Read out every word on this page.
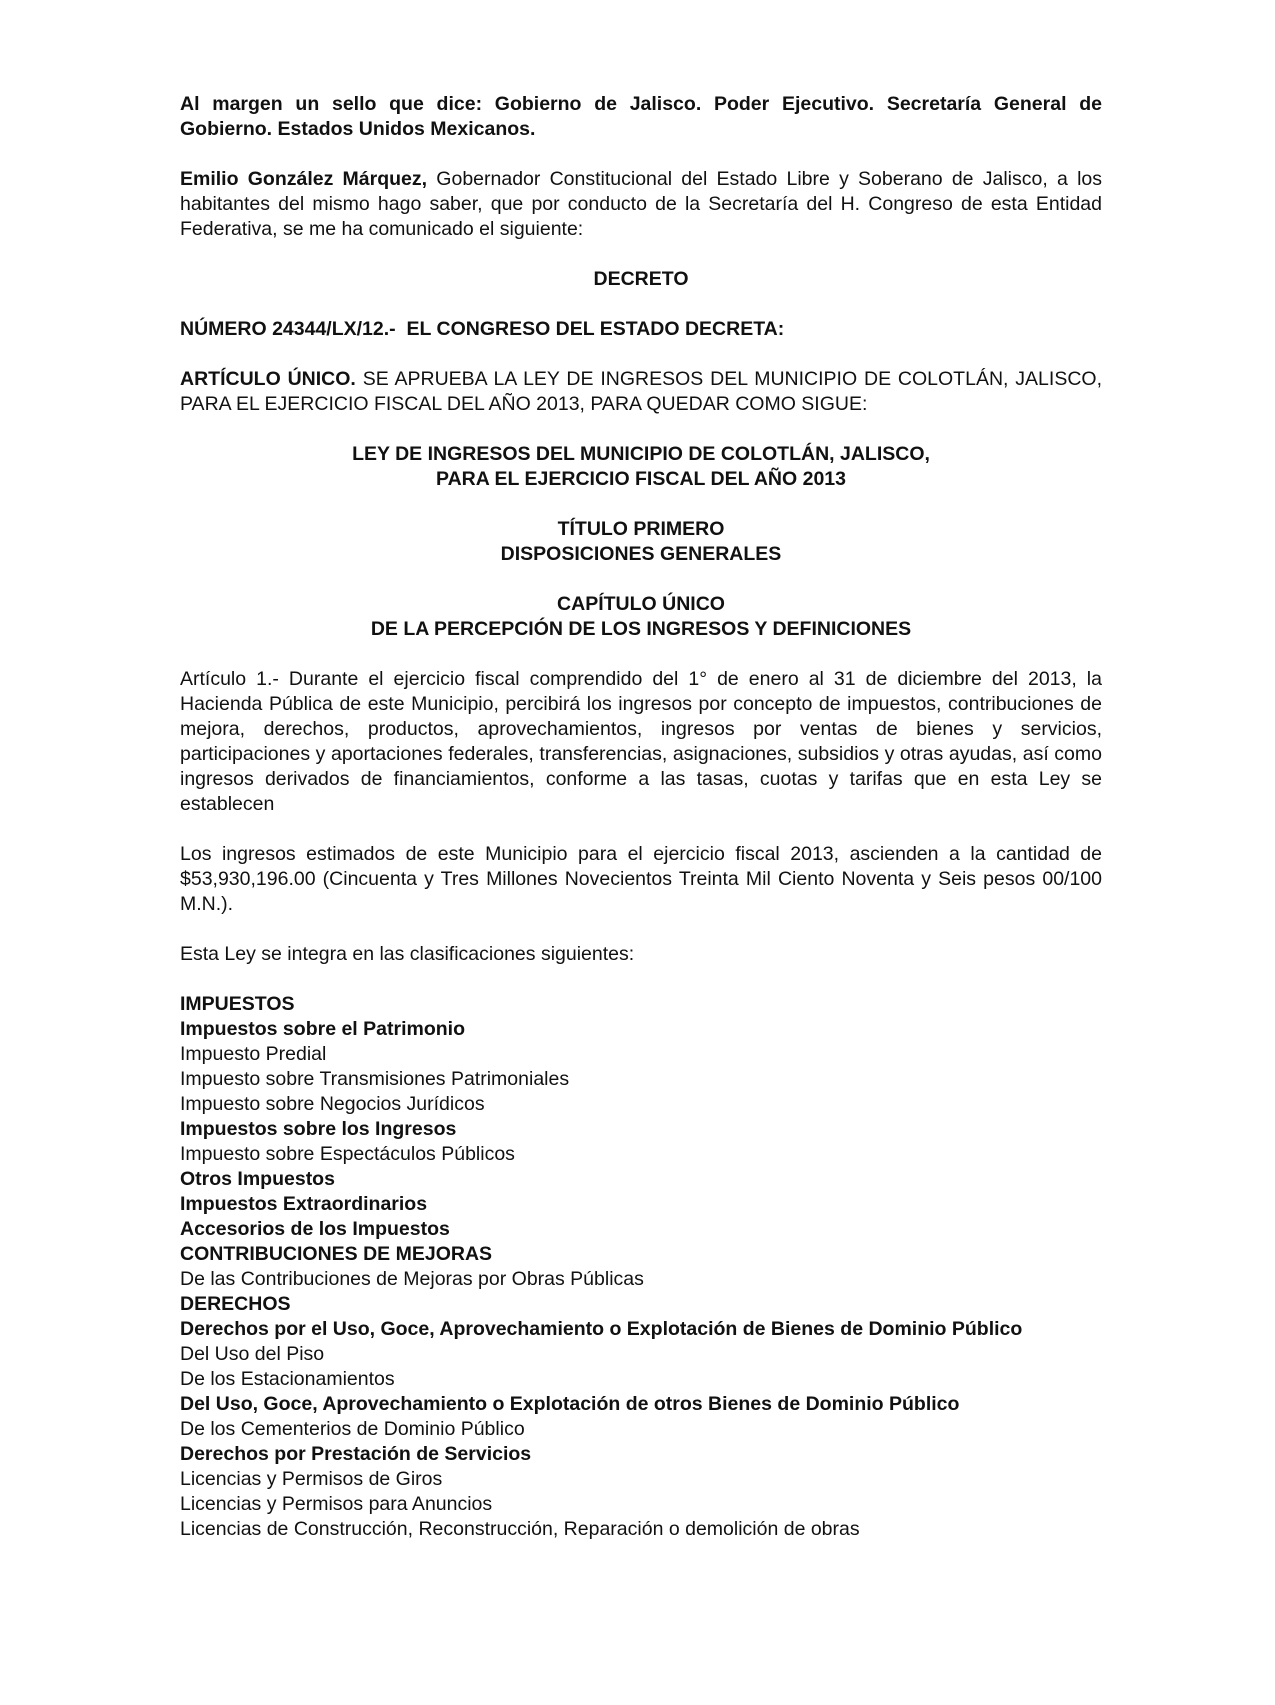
Al margen un sello que dice: Gobierno de Jalisco. Poder Ejecutivo. Secretaría General de Gobierno. Estados Unidos Mexicanos.

Emilio González Márquez, Gobernador Constitucional del Estado Libre y Soberano de Jalisco, a los habitantes del mismo hago saber, que por conducto de la Secretaría del H. Congreso de esta Entidad Federativa, se me ha comunicado el siguiente:

DECRETO

NÚMERO 24344/LX/12.-  EL CONGRESO DEL ESTADO DECRETA:

ARTÍCULO ÚNICO. SE APRUEBA LA LEY DE INGRESOS DEL MUNICIPIO DE COLOTLÁN, JALISCO, PARA EL EJERCICIO FISCAL DEL AÑO 2013, PARA QUEDAR COMO SIGUE:

LEY DE INGRESOS DEL MUNICIPIO DE COLOTLÁN, JALISCO,
PARA EL EJERCICIO FISCAL DEL AÑO 2013
TÍTULO PRIMERO
DISPOSICIONES GENERALES
CAPÍTULO ÚNICO
DE LA PERCEPCIÓN DE LOS INGRESOS Y DEFINICIONES

Artículo 1.- Durante el ejercicio fiscal comprendido del 1° de enero al 31 de diciembre del 2013, la Hacienda Pública de este Municipio, percibirá los ingresos por concepto de impuestos, contribuciones de mejora, derechos, productos, aprovechamientos, ingresos por ventas de bienes y servicios, participaciones y aportaciones federales, transferencias, asignaciones, subsidios y otras ayudas, así como ingresos derivados de financiamientos, conforme a las tasas, cuotas y tarifas que en esta Ley se establecen

Los ingresos estimados de este Municipio para el ejercicio fiscal 2013, ascienden a la cantidad de $53,930,196.00 (Cincuenta y Tres Millones Novecientos Treinta Mil Ciento Noventa y Seis pesos 00/100 M.N.).

Esta Ley se integra en las clasificaciones siguientes:

IMPUESTOS
Impuestos sobre el Patrimonio
Impuesto Predial
Impuesto sobre Transmisiones Patrimoniales
Impuesto sobre Negocios Jurídicos
Impuestos sobre los Ingresos
Impuesto sobre Espectáculos Públicos
Otros Impuestos
Impuestos Extraordinarios
Accesorios de los Impuestos
CONTRIBUCIONES DE MEJORAS
De las Contribuciones de Mejoras por Obras Públicas
DERECHOS
Derechos por el Uso, Goce, Aprovechamiento o Explotación de Bienes de Dominio Público
Del Uso del Piso
De los Estacionamientos
Del Uso, Goce, Aprovechamiento o Explotación de otros Bienes de Dominio Público
De los Cementerios de Dominio Público
Derechos por Prestación de Servicios
Licencias y Permisos de Giros
Licencias y Permisos para Anuncios
Licencias de Construcción, Reconstrucción, Reparación o demolición de obras
